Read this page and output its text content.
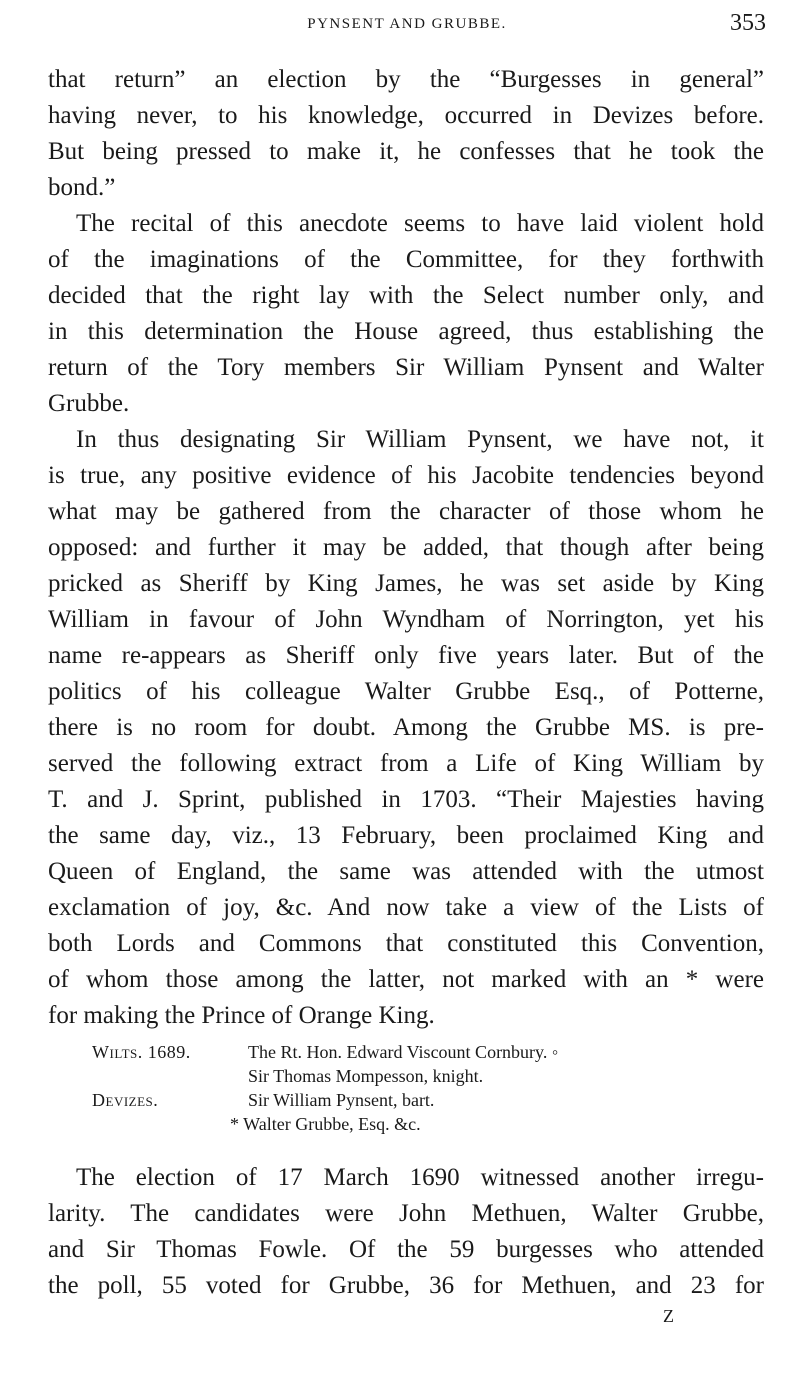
PYNSENT AND GRUBBE.	353
that return” an election by the “Burgesses in general”
having never, to his knowledge, occurred in Devizes before.
But being pressed to make it, he confesses that he took the
bond.”
The recital of this anecdote seems to have laid violent hold
of the imaginations of the Committee, for they forthwith
decided that the right lay with the Select number only, and
in this determination the House agreed, thus establishing the
return of the Tory members Sir William Pynsent and Walter
Grubbe.
In thus designating Sir William Pynsent, we have not, it
is true, any positive evidence of his Jacobite tendencies beyond
what may be gathered from the character of those whom he
opposed: and further it may be added, that though after being
pricked as Sheriff by King James, he was set aside by King
William in favour of John Wyndham of Norrington, yet his
name re-appears as Sheriff only five years later. But of the
politics of his colleague Walter Grubbe Esq., of Potterne,
there is no room for doubt. Among the Grubbe MS. is pre-
served the following extract from a Life of King William by
T. and J. Sprint, published in 1703. “Their Majesties having
the same day, viz., 13 February, been proclaimed King and
Queen of England, the same was attended with the utmost
exclamation of joy, &c. And now take a view of the Lists of
both Lords and Commons that constituted this Convention,
of whom those among the latter, not marked with an * were
for making the Prince of Orange King.
Wilts. 1689.	The Rt. Hon. Edward Viscount Cornbury. ◦
Sir Thomas Mompesson, knight.
Devizes.	Sir William Pynsent, bart.
* Walter Grubbe, Esq. &c.
The election of 17 March 1690 witnessed another irregu-
larity. The candidates were John Methuen, Walter Grubbe,
and Sir Thomas Fowle. Of the 59 burgesses who attended
the poll, 55 voted for Grubbe, 36 for Methuen, and 23 for
Z
